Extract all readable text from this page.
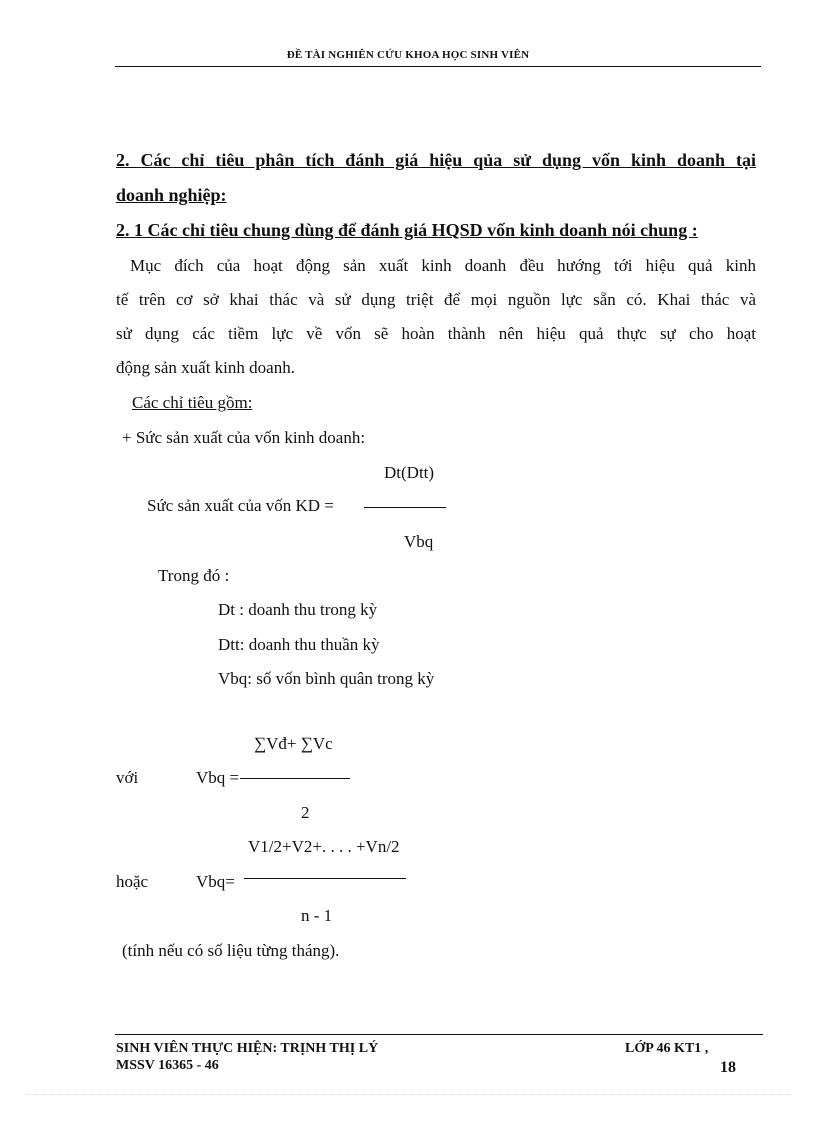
ĐỀ TÀI NGHIÊN CỨU KHOA HỌC SINH VIÊN
2. Các chỉ tiêu phân tích đánh giá hiệu qủa sử dụng vốn kinh doanh tại
doanh nghiệp:
2. 1 Các chỉ tiêu chung dùng để đánh giá HQSD vốn kinh doanh nói chung :
Mục đích của hoạt động sản xuất kinh doanh đều hướng tới hiệu quả kinh
tế trên cơ sở khai thác và sử dụng triệt để mọi nguồn lực sẵn có. Khai thác và
sử dụng các tiềm lực về vốn sẽ hoàn thành nên hiệu quả thực sự cho hoạt
động sản xuất kinh doanh.
Các chỉ tiêu gồm:
+ Sức sản xuất của vốn kinh doanh:
Dt(Dtt)
Sức sản xuất của vốn KD =
Vbq
Trong đó :
Dt : doanh thu trong kỳ
Dtt: doanh thu thuần kỳ
Vbq: số vốn bình quân trong kỳ
∑Vđ+ ∑Vc
với	Vbq =
2
V1/2+V2+. . . . +Vn/2
hoặc	Vbq=
n - 1
(tính nếu có số liệu từng tháng).
SINH VIÊN THỰC HIỆN: TRỊNH THỊ LÝ	LỚP 46 KT1 ,
MSSV 16365 - 46	18
